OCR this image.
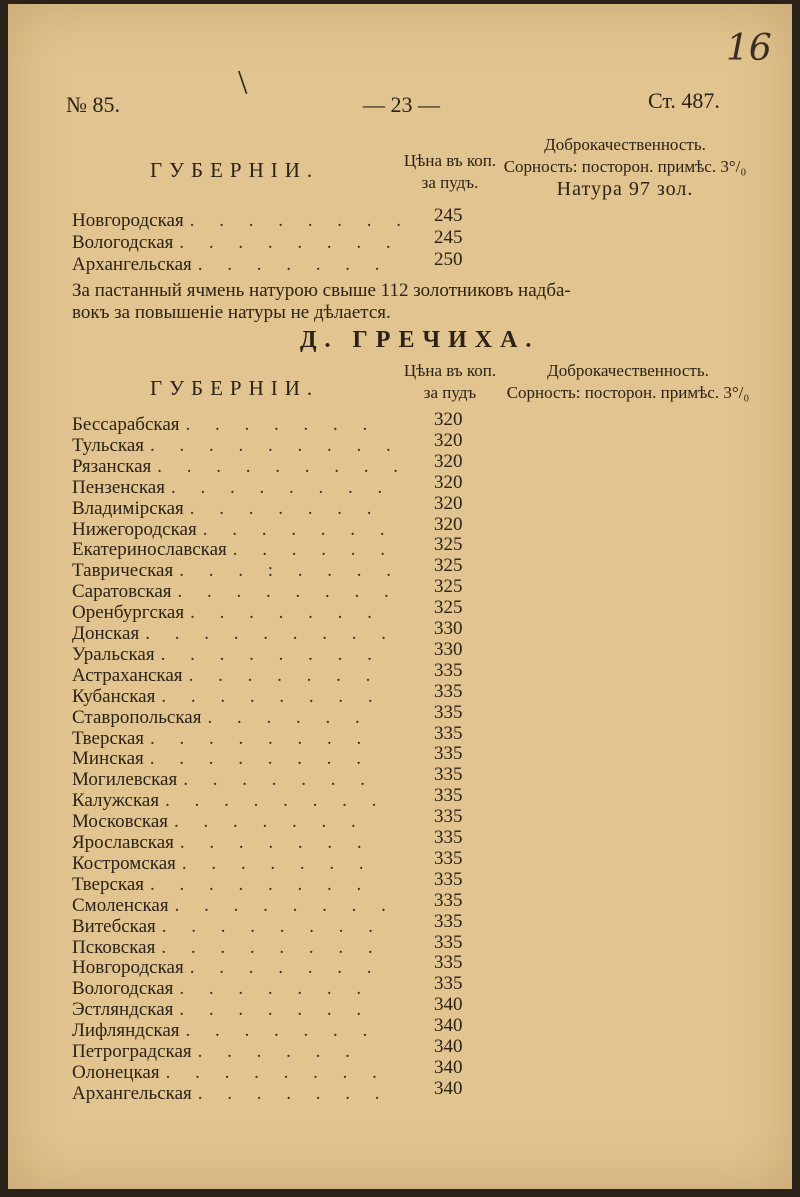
16
\
№ 85.	— 23 —	Ст. 487.
ГУБЕРНIИ.	Цѣна въ коп.
за пудъ.
Доброкачественность.
Сорность: посторон. примѣс. 3°/₀
Натура 97 зол.
Новгородская . . . . . . . . 245
Вологодская . . . . . . . . 245
Архангельская . . . . . . . 250
За пастанный ячмень натурою свыше 112 золотниковъ надба-
вокъ за повышенiе натуры не дѣлается.
Д. ГРЕЧИХА.
ГУБЕРНIИ.
Цѣна въ коп.
за пудъ
Доброкачественность.
Сорность: посторон. примѣс. 3°/₀
Бессарабская . . . . . . .	320
Тульская . . . . . . . . . 320
Рязанская . . . . . . . . . 320
Пензенская . . . . . . . . 320
Владимiрская . . . . . . .	320
Нижегородская . . . . . . . 320
Екатеринославская . . . . . . 325
Таврическая . . . : . . . . 325
Саратовская . . . . . . . . 325
Оренбургская . . . . . . .	325
Донская . . . . . . . . . 330
Уральская . . . . . . . .	330
Астраханская . . . . . . .	335
Кубанская . . . . . . . .	335
Ставропольская . . . . . .	335
Тверская . . . . . . . .	335
Минская . . . . . . . .	335
Могилевская . . . . . . .	335
Калужская . . . . . . . .	335
Московская . . . . . . .	335
Ярославская . . . . . . .	335
Костромская . . . . . . .	335
Тверская . . . . . . . .	335
Смоленская . . . . . . . . 335
Витебская . . . . . . . .	335
Псковская . . . . . . . .	335
Новгородская . . . . . . .	335
Вологодская . . . . . . .	335
Эстляндская . . . . . . .	340
Лифляндская . . . . . . .	340
Петроградская . . . . . .	340
Олонецкая . . . . . . . . 340
Архангельская . . . . . . . 340
